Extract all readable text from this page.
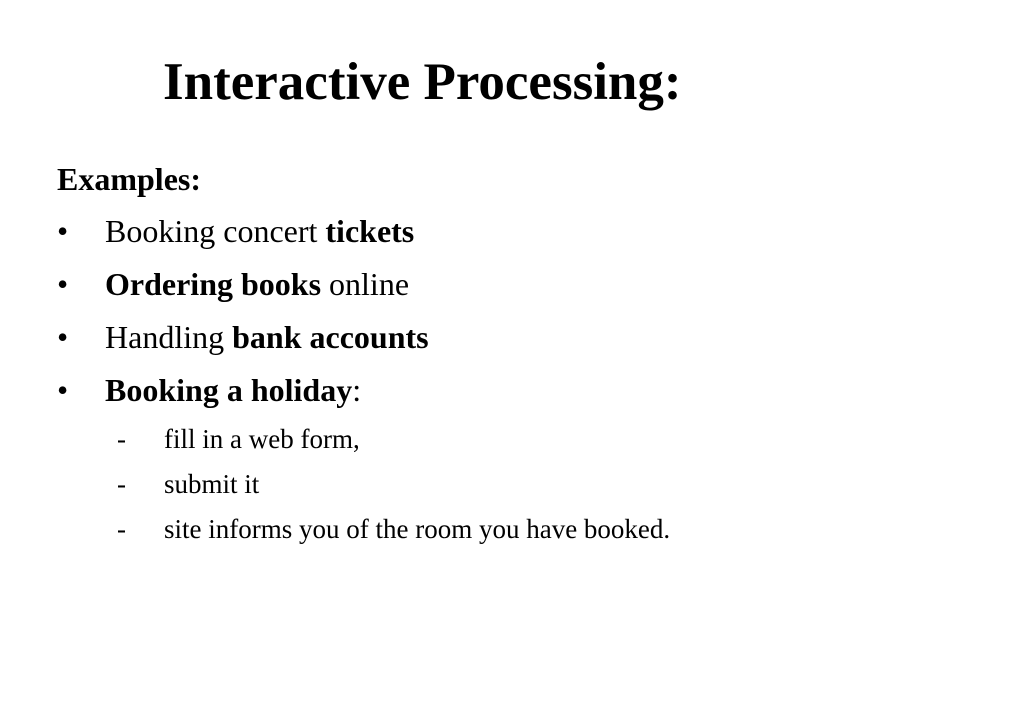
Interactive Processing:
Examples:
• Booking concert tickets
• Ordering books online
• Handling bank accounts
• Booking a holiday:
- fill in a web form,
- submit it
- site informs you of the room you have booked.
